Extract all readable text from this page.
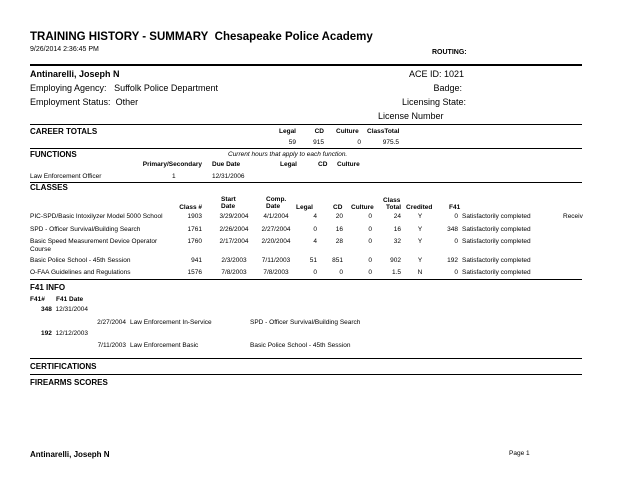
TRAINING HISTORY - SUMMARY Chesapeake Police Academy
9/26/2014 2:36:45 PM	ROUTING:
Antinarelli, Joseph N	ACE ID: 1021
Employing Agency: Suffolk Police Department	Badge:
Employment Status: Other	Licensing State:
License Number
CAREER TOTALS	Legal	CD Culture ClassTotal
59	915	0	975.5
FUNCTIONS	Current hours that apply to each function.
Primary/Secondary Due Date	Legal	CD Culture
Law Enforcement Officer	1	12/31/2006
CLASSES
Start
Date
Comp.
Date
Class
Class #	Legal	CD Culture Total Credited	F41
PIC-SPD/Basic Intoxilyzer Model 5000 School	1903	3/29/2004	4/1/2004	4	20	0	24	Y	0 Satisfactorily completed	Receiv
SPD - Officer Survival/Building Search	1761	2/26/2004	2/27/2004	0	16	0	16	Y	348 Satisfactorily completed
Basic Speed Measurement Device Operator
Course
1760	2/17/2004	2/20/2004	4	28	0	32	Y	0 Satisfactorily completed
Basic Police School - 45th Session	941	2/3/2003	7/11/2003	51	851	0	902	Y	192 Satisfactorily completed
O-FAA Guidelines and Regulations	1576	7/8/2003	7/8/2003	0	0	0	1.5	N	0 Satisfactorily completed
F41 INFO
F41# F41 Date
348 12/31/2004
2/27/2004 Law Enforcement In-Service	SPD - Officer Survival/Building Search
192 12/12/2003
7/11/2003 Law Enforcement Basic	Basic Police School - 45th Session
CERTIFICATIONS
FIREARMS SCORES
Antinarelli, Joseph N	Page 1
